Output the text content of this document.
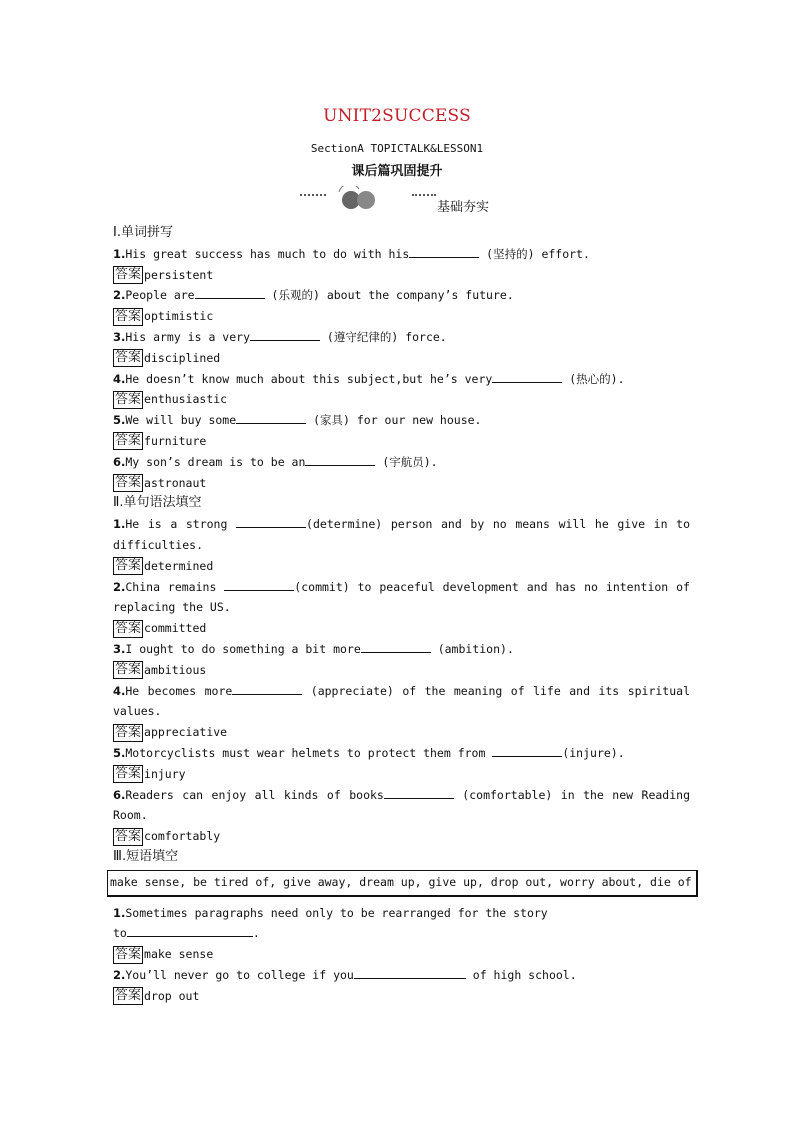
UNIT2SUCCESS
SectionA TOPICTALK&LESSON1
课后篇巩固提升
基础夯实
Ⅰ.单词拼写
1.His great success has much to do with his	(坚持的) effort.
答案 persistent
2.People are	(乐观的) about the company’s future.
答案 optimistic
3.His army is a very	(遵守纪律的) force.
答案 disciplined
4.He doesn’t know much about this subject,but he’s very	(热心的).
答案 enthusiastic
5.We will buy some	(家具) for our new house.
答案 furniture
6.My son’s dream is to be an	(宇航员).
答案 astronaut
Ⅱ.单句语法填空
1.He is a strong	(determine) person and by no means will he give in to difficulties.
答案 determined
2.China remains	(commit) to peaceful development and has no intention of replacing the US.
答案 committed
3.I ought to do something a bit more	(ambition).
答案 ambitious
4.He becomes more	(appreciate) of the meaning of life and its spiritual values.
答案 appreciative
5.Motorcyclists must wear helmets to protect them from	(injure).
答案 injury
6.Readers can enjoy all kinds of books	(comfortable) in the new Reading Room.
答案 comfortably
Ⅲ.短语填空
make sense, be tired of, give away, dream up, give up, drop out, worry about, die of
1.Sometimes paragraphs need only to be rearranged for the story
to	.
答案 make sense
2.You’ll never go to college if you	of high school.
答案 drop out
